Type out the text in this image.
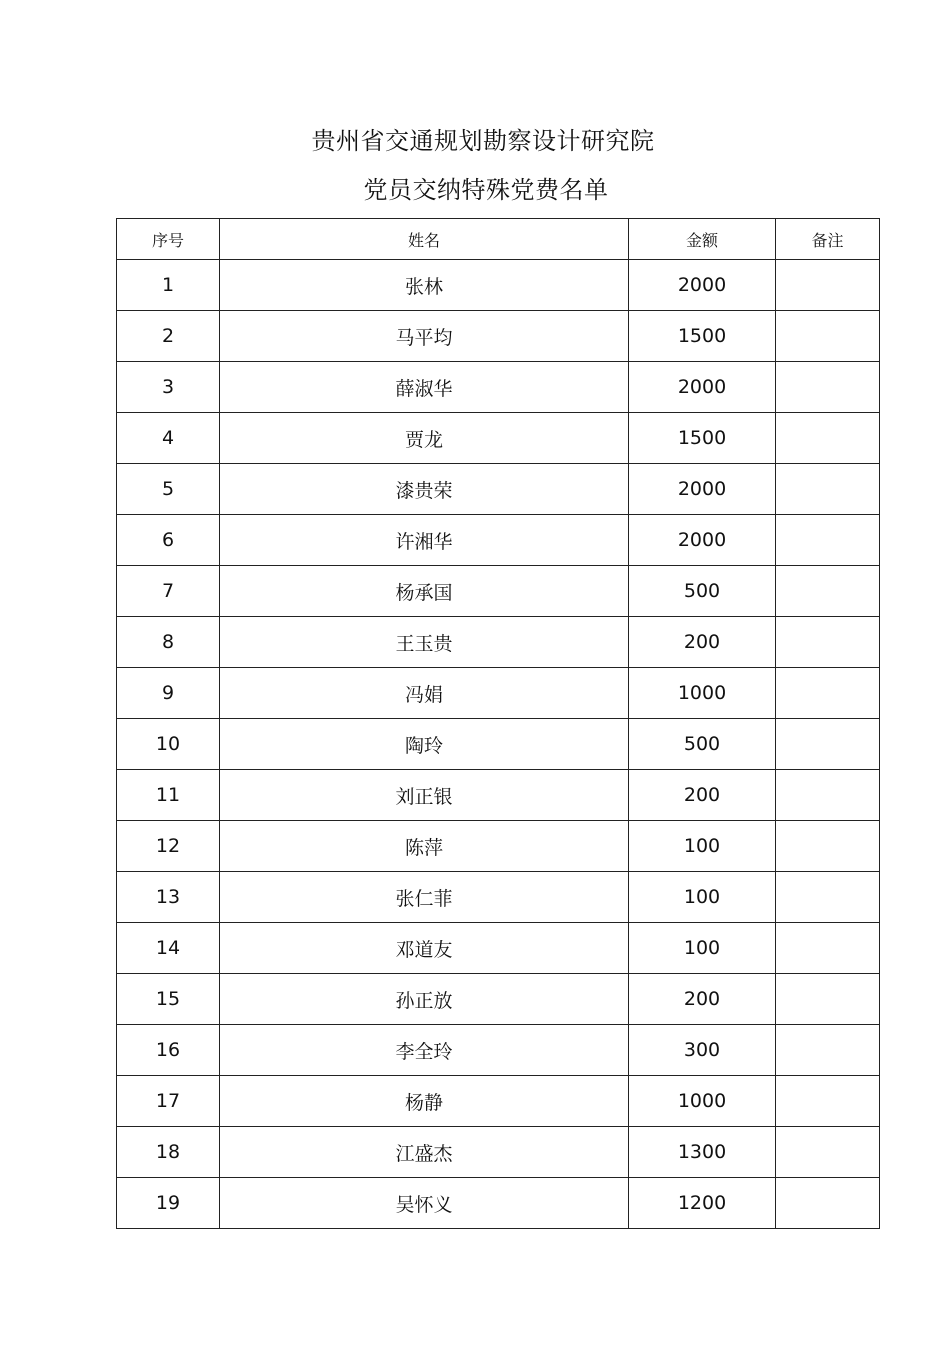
贵州省交通规划勘察设计研究院
党员交纳特殊党费名单
序号	姓名	金额	备注
1	张林	2000	
2	马平均	1500	
3	薛淑华	2000	
4	贾龙	1500	
5	漆贵荣	2000	
6	许湘华	2000	
7	杨承国	500	
8	王玉贵	200	
9	冯娟	1000	
10	陶玲	500	
11	刘正银	200	
12	陈萍	100	
13	张仁菲	100	
14	邓道友	100	
15	孙正放	200	
16	李全玲	300	
17	杨静	1000	
18	江盛杰	1300	
19	吴怀义	1200	
